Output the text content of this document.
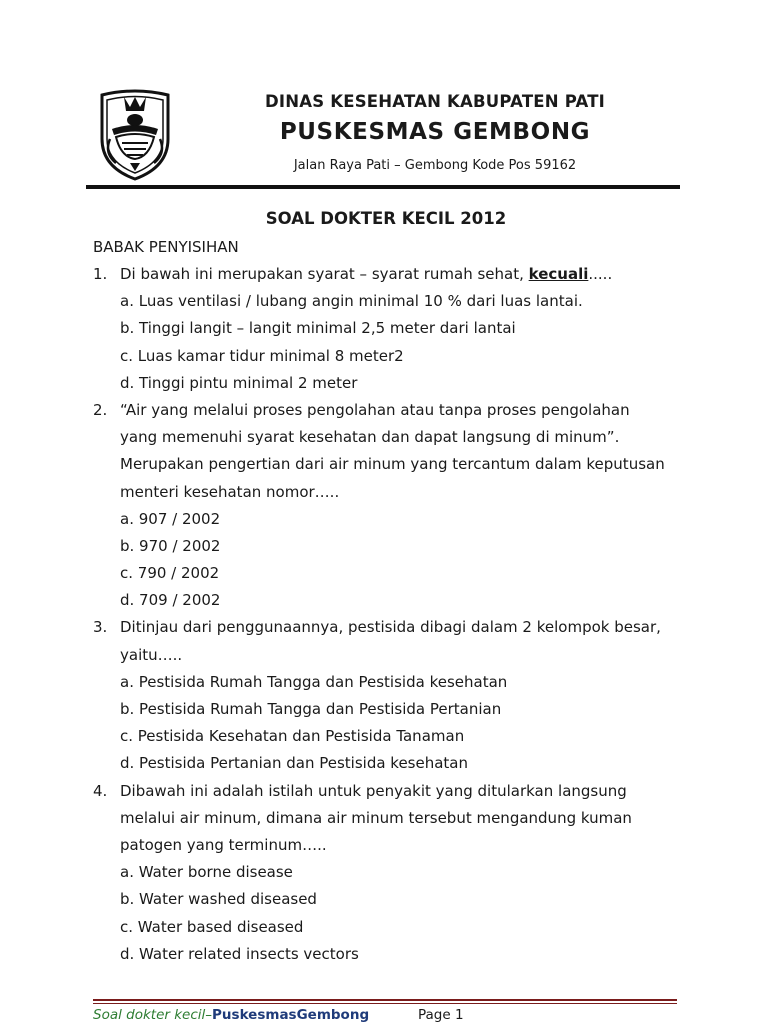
DINAS KESEHATAN KABUPATEN PATI
PUSKESMAS GEMBONG
Jalan Raya Pati – Gembong Kode Pos 59162
SOAL DOKTER KECIL 2012
BABAK PENYISIHAN
1. Di bawah ini merupakan syarat – syarat rumah sehat, kecuali.....
a. Luas ventilasi / lubang angin minimal 10 % dari luas lantai.
b. Tinggi langit – langit minimal 2,5 meter dari lantai
c. Luas kamar tidur minimal 8 meter2
d. Tinggi pintu minimal 2 meter
2. “Air yang melalui proses pengolahan atau tanpa proses pengolahan
yang memenuhi syarat kesehatan dan dapat langsung di minum”.
Merupakan pengertian dari air minum yang tercantum dalam keputusan
menteri kesehatan nomor…..
a. 907 / 2002
b. 970 / 2002
c. 790 / 2002
d. 709 / 2002
3. Ditinjau dari penggunaannya, pestisida dibagi dalam 2 kelompok besar,
yaitu…..
a. Pestisida Rumah Tangga dan Pestisida kesehatan
b. Pestisida Rumah Tangga dan Pestisida Pertanian
c. Pestisida Kesehatan dan Pestisida Tanaman
d. Pestisida Pertanian dan Pestisida kesehatan
4. Dibawah ini adalah istilah untuk penyakit yang ditularkan langsung
melalui air minum, dimana air minum tersebut mengandung kuman
patogen yang terminum…..
a. Water borne disease
b. Water washed diseased
c. Water based diseased
d. Water related insects vectors
Soal dokter kecil–PuskesmasGembong	Page 1
